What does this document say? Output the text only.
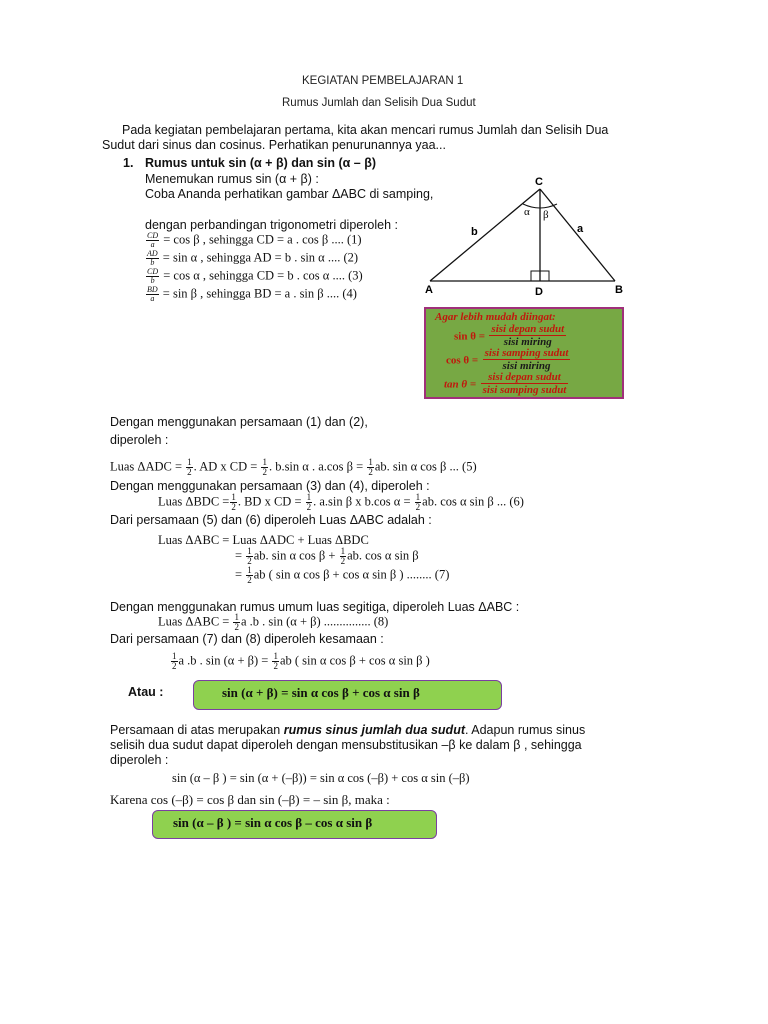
KEGIATAN PEMBELAJARAN 1
Rumus Jumlah dan Selisih Dua Sudut
Pada kegiatan pembelajaran pertama, kita akan mencari rumus Jumlah dan Selisih Dua
Sudut dari sinus dan cosinus. Perhatikan penurunannya yaa...
1. Rumus untuk sin (α + β) dan sin (α – β)
Menemukan rumus sin (α + β) :
Coba Ananda perhatikan gambar ΔABC di samping,
dengan perbandingan trigonometri diperoleh :
$\frac{CD}{a} = \cos \beta$ , sehingga CD = a . cos β .... (1)
$\frac{AD}{b} = \sin \alpha$ , sehingga AD = b . sin α .... (2)
$\frac{CD}{b} = \cos \alpha$ , sehingga CD = b . cos α .... (3)
$\frac{BD}{a} = \sin \beta$ , sehingga BD = a . sin β .... (4)
C
A	B
D
b	a
α β
Agar lebih mudah diingat:
sin θ =
sisi depan sudut
sisi miring
cos θ =
sisi samping sudut
sisi miring
tan θ =
sisi depan sudut
sisi samping sudut
Dengan menggunakan persamaan (1) dan (2),
diperoleh :
Luas $\Delta ADC = \frac{1}{2}$ . AD x CD = $\frac{1}{2}$ . b.sin α . a.cos $\beta = \frac{1}{2}$ ab. sin α cos β ... (5)
Dengan menggunakan persamaan (3) dan (4), diperoleh :
Luas $\Delta BDC = \frac{1}{2}$ . BD x CD = $\frac{1}{2}$ . a.sin β x b.cos $\alpha = \frac{1}{2}$ ab. cos α sin β ... (6)
Dari persamaan (5) dan (6) diperoleh Luas ΔABC adalah :
Luas ΔABC = Luas ΔADC + Luas ΔBDC
= $\frac{1}{2}$ ab. sin α $\cos \beta + \frac{1}{2}$ ab. cos α sin β
= $\frac{1}{2}$ ab ( sin α cos β + cos α sin β ) ........ (7)
Dengan menggunakan rumus umum luas segitiga, diperoleh Luas ΔABC :
Luas $\Delta ABC = \frac{1}{2}$ a .b . sin (α + β) ............... (8)
Dari persamaan (7) dan (8) diperoleh kesamaan :
$\frac{1}{2}$ a .b . $\sin (\alpha + \beta) = \frac{1}{2}$ ab ( sin α cos β + cos α sin β )
Atau :	sin (α + β) = sin α cos β + cos α sin β
Persamaan di atas merupakan rumus sinus jumlah dua sudut. Adapun rumus sinus
selisih dua sudut dapat diperoleh dengan mensubstitusikan –β ke dalam β , sehingga
diperoleh :
sin (α – β ) = sin (α + (–β)) = sin α cos (–β) + cos α sin (–β)
Karena cos (–β) = cos β dan sin (–β) = – sin β, maka :
sin (α – β ) = sin α cos β – cos α sin β
